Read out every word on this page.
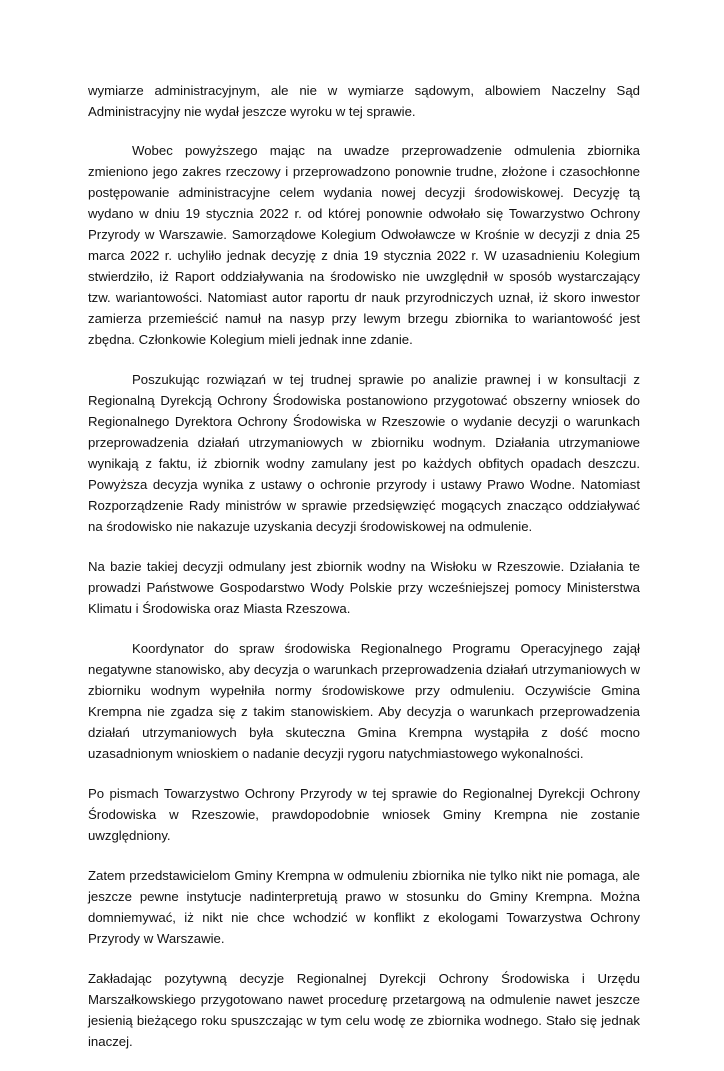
wymiarze administracyjnym, ale nie w wymiarze sądowym, albowiem Naczelny Sąd Administracyjny nie wydał jeszcze wyroku w tej sprawie.

Wobec powyższego mając na uwadze przeprowadzenie odmulenia zbiornika zmieniono jego zakres rzeczowy i przeprowadzono ponownie trudne, złożone i czasochłonne postępowanie administracyjne celem wydania nowej decyzji środowiskowej. Decyzję tą wydano w dniu 19 stycznia 2022 r. od której ponownie odwołało się Towarzystwo Ochrony Przyrody w Warszawie. Samorządowe Kolegium Odwoławcze w Krośnie w decyzji z dnia 25 marca 2022 r. uchyliło jednak decyzję z dnia 19 stycznia 2022 r. W uzasadnieniu Kolegium stwierdziło, iż Raport oddziaływania na środowisko nie uwzględnił w sposób wystarczający tzw. wariantowości. Natomiast autor raportu dr nauk przyrodniczych uznał, iż skoro inwestor zamierza przemieścić namuł na nasyp przy lewym brzegu zbiornika to wariantowość jest zbędna. Członkowie Kolegium mieli jednak inne zdanie.

Poszukując rozwiązań w tej trudnej sprawie po analizie prawnej i w konsultacji z Regionalną Dyrekcją Ochrony Środowiska postanowiono przygotować obszerny wniosek do Regionalnego Dyrektora Ochrony Środowiska w Rzeszowie o wydanie decyzji o warunkach przeprowadzenia działań utrzymaniowych w zbiorniku wodnym. Działania utrzymaniowe wynikają z faktu, iż zbiornik wodny zamulany jest po każdych obfitych opadach deszczu. Powyższa decyzja wynika z ustawy o ochronie przyrody i ustawy Prawo Wodne. Natomiast Rozporządzenie Rady ministrów w sprawie przedsięwzięć mogących znacząco oddziaływać na środowisko nie nakazuje uzyskania decyzji środowiskowej na odmulenie.

Na bazie takiej decyzji odmulany jest zbiornik wodny na Wisłoku w Rzeszowie. Działania te prowadzi Państwowe Gospodarstwo Wody Polskie przy wcześniejszej pomocy Ministerstwa Klimatu i Środowiska oraz Miasta Rzeszowa.

Koordynator do spraw środowiska Regionalnego Programu Operacyjnego zajął negatywne stanowisko, aby decyzja o warunkach przeprowadzenia działań utrzymaniowych w zbiorniku wodnym wypełniła normy środowiskowe przy odmuleniu. Oczywiście Gmina Krempna nie zgadza się z takim stanowiskiem. Aby decyzja o warunkach przeprowadzenia działań utrzymaniowych była skuteczna Gmina Krempna wystąpiła z dość mocno uzasadnionym wnioskiem o nadanie decyzji rygoru natychmiastowego wykonalności.

Po pismach Towarzystwo Ochrony Przyrody w tej sprawie do Regionalnej Dyrekcji Ochrony Środowiska w Rzeszowie, prawdopodobnie wniosek Gminy Krempna nie zostanie uwzględniony.

Zatem przedstawicielom Gminy Krempna w odmuleniu zbiornika nie tylko nikt nie pomaga, ale jeszcze pewne instytucje nadinterpretują prawo w stosunku do Gminy Krempna. Można domniemywać, iż nikt nie chce wchodzić w konflikt z ekologami Towarzystwa Ochrony Przyrody w Warszawie.

Zakładając pozytywną decyzje Regionalnej Dyrekcji Ochrony Środowiska i Urzędu Marszałkowskiego przygotowano nawet procedurę przetargową na odmulenie nawet jeszcze jesienią bieżącego roku spuszczając w tym celu wodę ze zbiornika wodnego. Stało się jednak inaczej.
